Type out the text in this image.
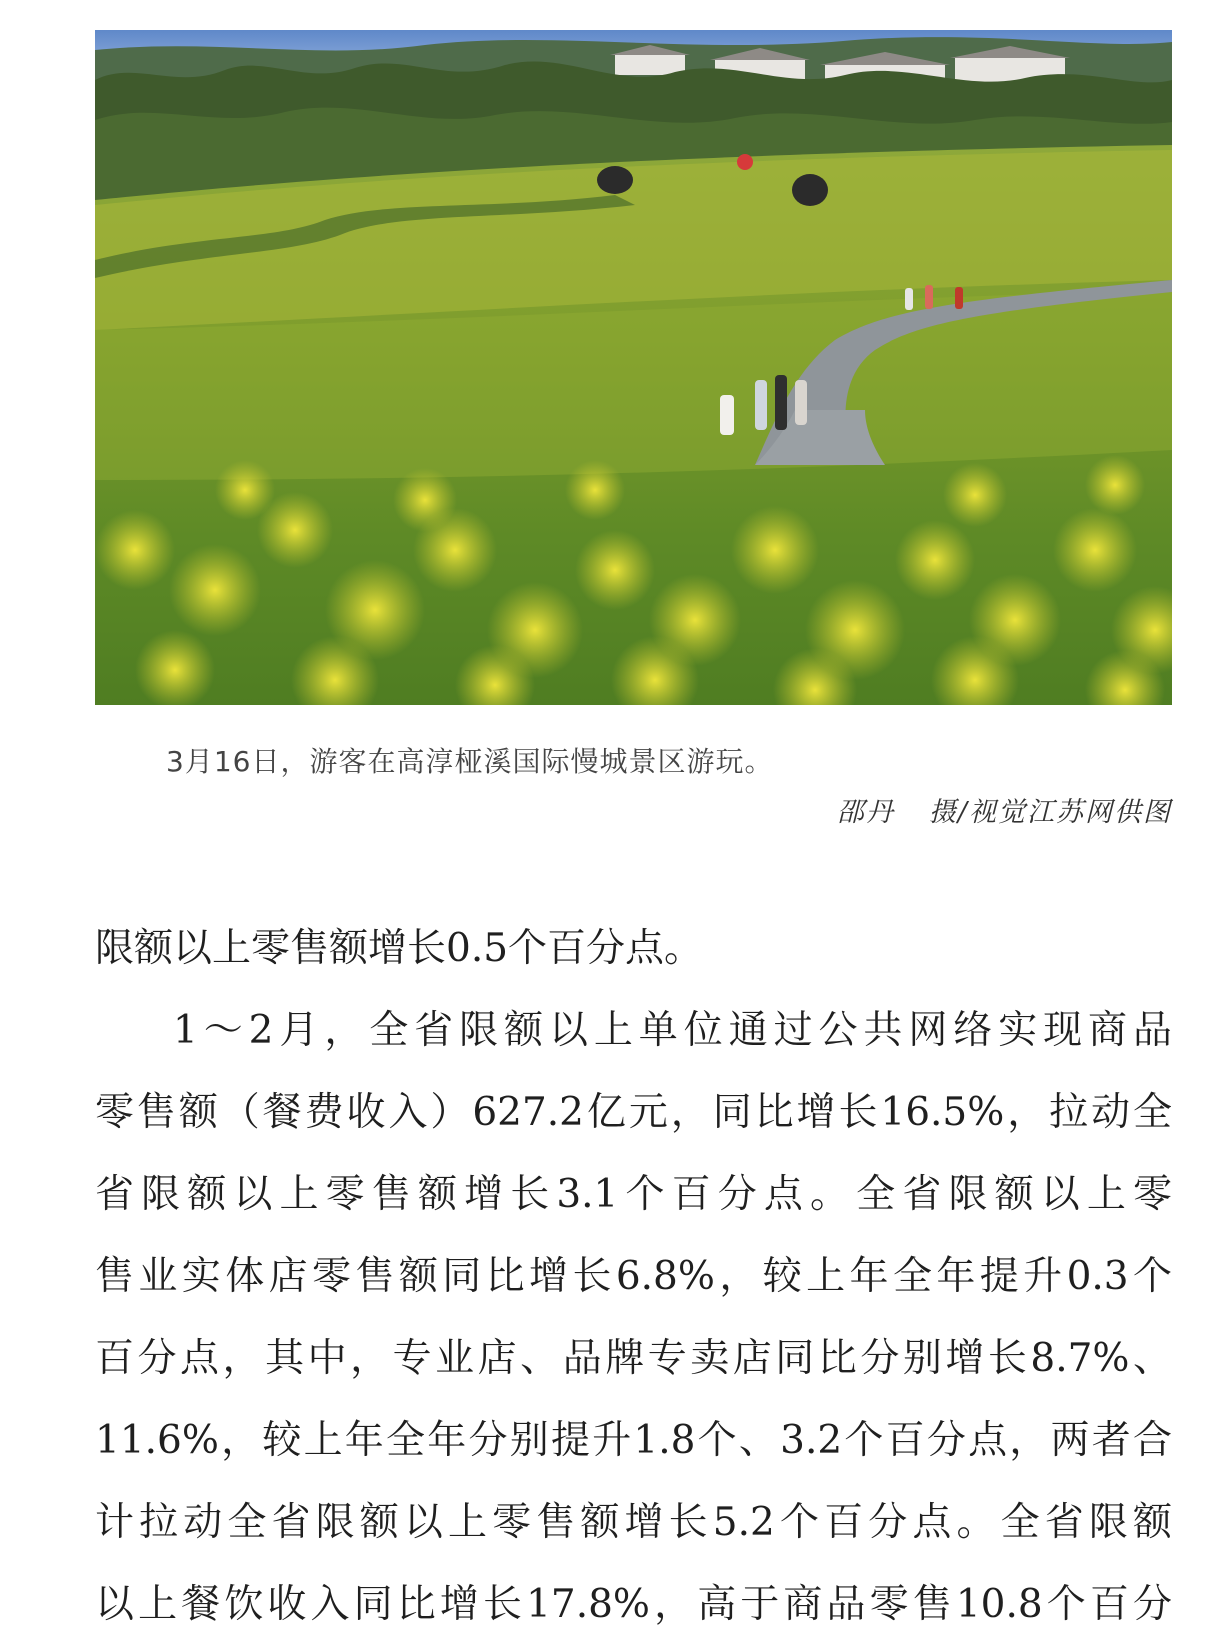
3月16日，游客在高淳桠溪国际慢城景区游玩。
邵丹 摄/视觉江苏网供图
限额以上零售额增长0.5个百分点。
1～2月，全省限额以上单位通过公共网络实现商品
零售额（餐费收入）627.2亿元，同比增长16.5%，拉动全
省限额以上零售额增长3.1个百分点。全省限额以上零
售业实体店零售额同比增长6.8%，较上年全年提升0.3个
百分点，其中，专业店、品牌专卖店同比分别增长8.7%、
11.6%，较上年全年分别提升1.8个、3.2个百分点，两者合
计拉动全省限额以上零售额增长5.2个百分点。全省限额
以上餐饮收入同比增长17.8%，高于商品零售10.8个百分
